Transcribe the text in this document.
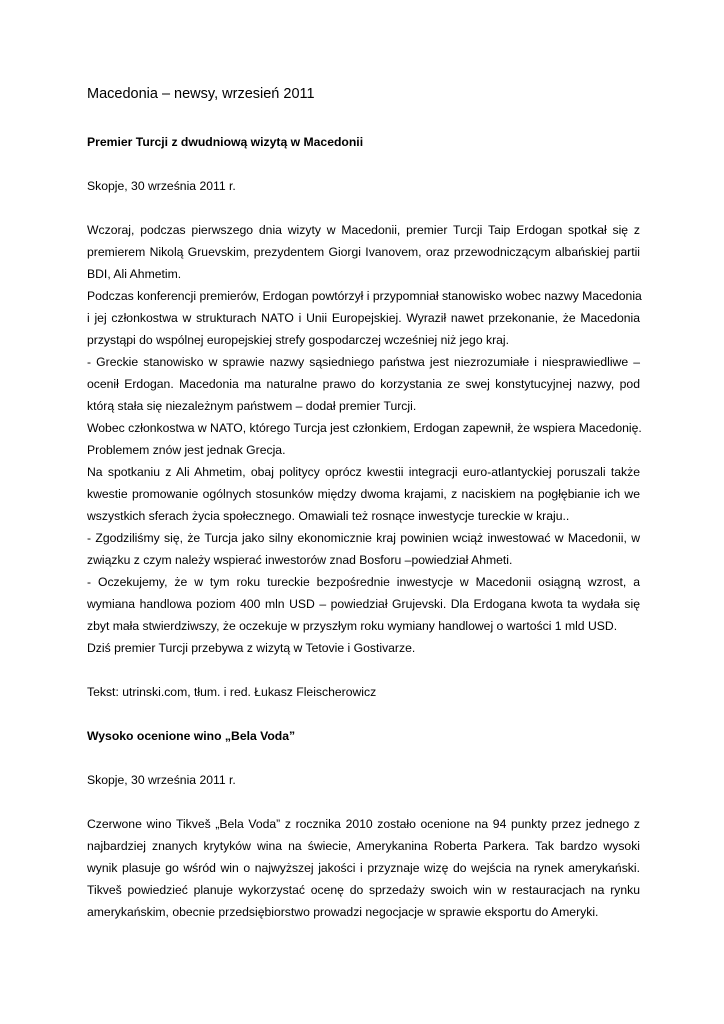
Macedonia – newsy, wrzesień 2011
Premier Turcji z dwudniową wizytą w Macedonii
Skopje, 30 września 2011 r.
Wczoraj, podczas pierwszego dnia wizyty w Macedonii, premier Turcji Taip Erdogan spotkał się z
premierem Nikolą Gruevskim, prezydentem Giorgi Ivanovem, oraz przewodniczącym albańskiej partii
BDI, Ali Ahmetim.
Podczas konferencji premierów, Erdogan powtórzył i przypomniał stanowisko wobec nazwy Macedonia
i jej członkostwa w strukturach NATO i Unii Europejskiej. Wyraził nawet przekonanie, że Macedonia
przystąpi do wspólnej europejskiej strefy gospodarczej wcześniej niż jego kraj.
- Greckie stanowisko w sprawie nazwy sąsiedniego państwa jest niezrozumiałe i niesprawiedliwe –
ocenił Erdogan. Macedonia ma naturalne prawo do korzystania ze swej konstytucyjnej nazwy, pod
którą stała się niezależnym państwem – dodał premier Turcji.
Wobec członkostwa w NATO, którego Turcja jest członkiem, Erdogan zapewnił, że wspiera Macedonię.
Problemem znów jest jednak Grecja.
Na spotkaniu z Ali Ahmetim, obaj politycy oprócz kwestii integracji euro-atlantyckiej poruszali także
kwestie promowanie ogólnych stosunków między dwoma krajami, z naciskiem na pogłębianie ich we
wszystkich sferach życia społecznego. Omawiali też rosnące inwestycje tureckie w kraju..
- Zgodziliśmy się, że Turcja jako silny ekonomicznie kraj powinien wciąż inwestować w Macedonii, w
związku z czym należy wspierać inwestorów znad Bosforu –powiedział Ahmeti.
- Oczekujemy, że w tym roku tureckie bezpośrednie inwestycje w Macedonii osiągną wzrost, a
wymiana handlowa poziom 400 mln USD – powiedział Grujevski. Dla Erdogana kwota ta wydała się
zbyt mała stwierdziwszy, że oczekuje w przyszłym roku wymiany handlowej o wartości 1 mld USD.
Dziś premier Turcji przebywa z wizytą w Tetovie i Gostivarze.
Tekst: utrinski.com, tłum. i red. Łukasz Fleischerowicz
Wysoko ocenione wino „Bela Voda”
Skopje, 30 września 2011 r.
Czerwone wino Tikveš „Bela Voda” z rocznika 2010 zostało ocenione na 94 punkty przez jednego z
najbardziej znanych krytyków wina na świecie, Amerykanina Roberta Parkera. Tak bardzo wysoki
wynik plasuje go wśród win o najwyższej jakości i przyznaje wizę do wejścia na rynek amerykański.
Tikveš powiedzieć planuje wykorzystać ocenę do sprzedaży swoich win w restauracjach na rynku
amerykańskim, obecnie przedsiębiorstwo prowadzi negocjacje w sprawie eksportu do Ameryki.
